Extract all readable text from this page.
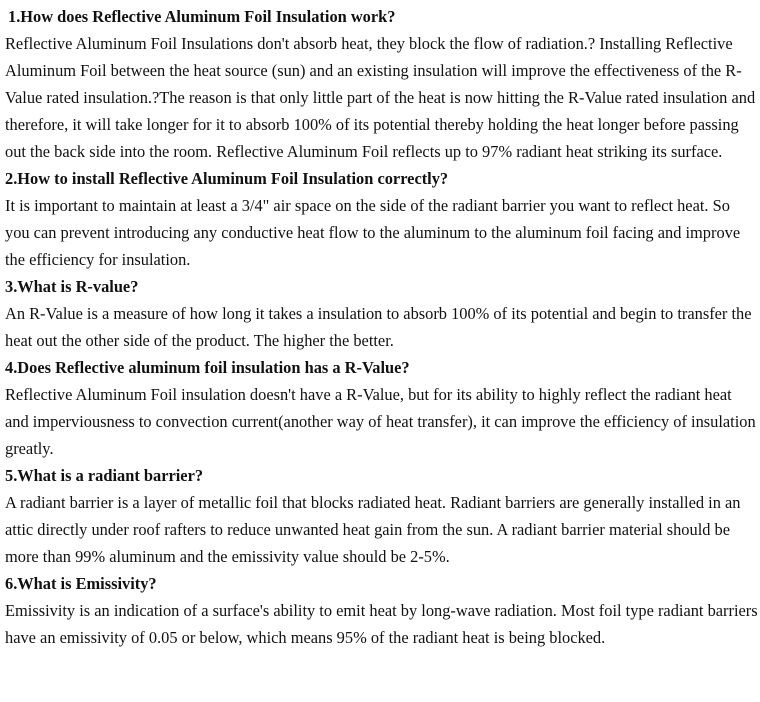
1.How does Reflective Aluminum Foil Insulation work?

Reflective Aluminum Foil Insulations don't absorb heat, they block the flow of radiation.? Installing Reflective Aluminum Foil between the heat source (sun) and an existing insulation will improve the effectiveness of the R-Value rated insulation.?The reason is that only little part of the heat is now hitting the R-Value rated insulation and therefore, it will take longer for it to absorb 100% of its potential thereby holding the heat longer before passing out the back side into the room. Reflective Aluminum Foil reflects up to 97% radiant heat striking its surface.

2.How to install Reflective Aluminum Foil Insulation correctly?

It is important to maintain at least a 3/4" air space on the side of the radiant barrier you want to reflect heat. So you can prevent introducing any conductive heat flow to the aluminum to the aluminum foil facing and improve the efficiency for insulation.

3.What is R-value?

An R-Value is a measure of how long it takes a insulation to absorb 100% of its potential and begin to transfer the heat out the other side of the product. The higher the better.

4.Does Reflective aluminum foil insulation has a R-Value?

Reflective Aluminum Foil insulation doesn't have a R-Value, but for its ability to highly reflect the radiant heat and imperviousness to convection current(another way of heat transfer), it can improve the efficiency of insulation greatly.

5.What is a radiant barrier?

A radiant barrier is a layer of metallic foil that blocks radiated heat. Radiant barriers are generally installed in an attic directly under roof rafters to reduce unwanted heat gain from the sun. A radiant barrier material should be more than 99% aluminum and the emissivity value should be 2-5%.

6.What is Emissivity?

Emissivity is an indication of a surface's ability to emit heat by long-wave radiation. Most foil type radiant barriers have an emissivity of 0.05 or below, which means 95% of the radiant heat is being blocked.
